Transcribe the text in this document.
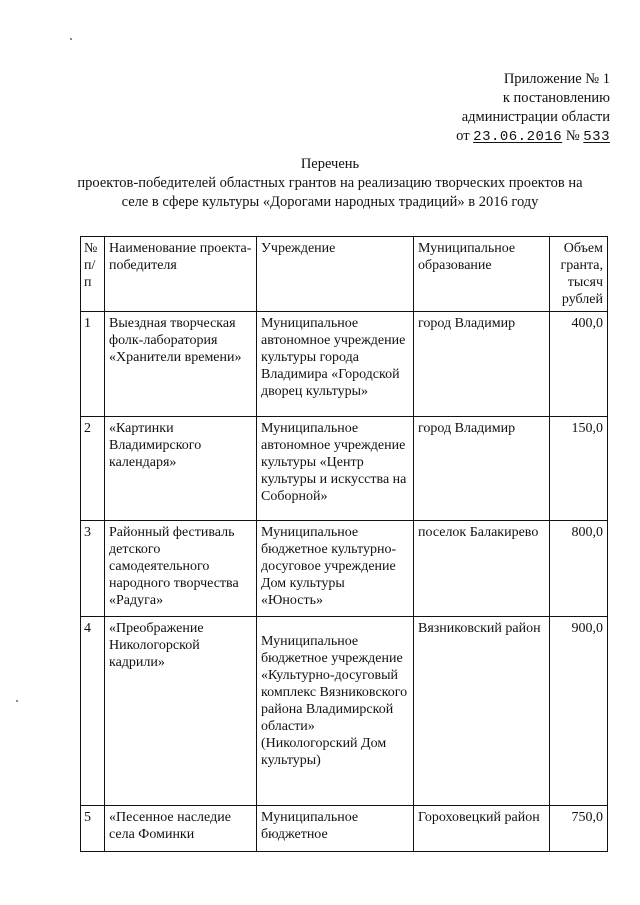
Приложение № 1
к постановлению
администрации области
от 23.06.2016 № 533
Перечень
проектов-победителей областных грантов на реализацию творческих проектов на
селе в сфере культуры «Дорогами народных традиций» в 2016 году
№ п/ п	Наименование проекта-победителя	Учреждение	Муниципальное образование	Объем гранта, тысяч рублей
1	Выездная творческая фолк-лаборатория «Хранители времени»	Муниципальное автономное учреждение культуры города Владимира «Городской дворец культуры»	город Владимир	400,0
2	«Картинки Владимирского календаря»	Муниципальное автономное учреждение культуры «Центр культуры и искусства на Соборной»	город Владимир	150,0
3	Районный фестиваль детского самодеятельного народного творчества «Радуга»	Муниципальное бюджетное культурно-досуговое учреждение Дом культуры «Юность»	поселок Балакирево	800,0
4	«Преображение Никологорской кадрили»	Муниципальное бюджетное учреждение «Культурно-досуговый комплекс Вязниковского района Владимирской области» (Никологорский Дом культуры)	Вязниковский район	900,0
5	«Песенное наследие села Фоминки	Муниципальное бюджетное	Гороховецкий район	750,0
